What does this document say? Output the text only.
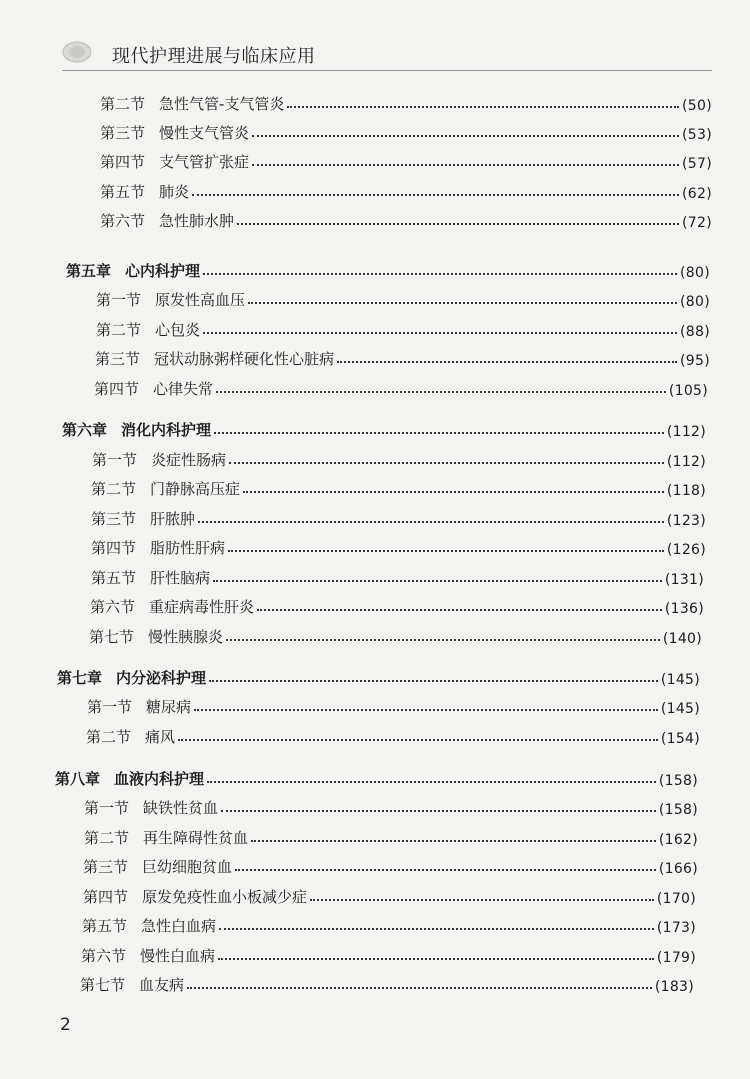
现代护理进展与临床应用
第二节 急性气管-支气管炎	(50)
第三节 慢性支气管炎	(53)
第四节 支气管扩张症	(57)
第五节 肺炎	(62)
第六节 急性肺水肿	(72)
第五章 心内科护理	(80)
第一节 原发性高血压	(80)
第二节 心包炎	(88)
第三节 冠状动脉粥样硬化性心脏病	(95)
第四节 心律失常	(105)
第六章 消化内科护理	(112)
第一节 炎症性肠病	(112)
第二节 门静脉高压症	(118)
第三节 肝脓肿	(123)
第四节 脂肪性肝病	(126)
第五节 肝性脑病	(131)
第六节 重症病毒性肝炎	(136)
第七节 慢性胰腺炎	(140)
第七章 内分泌科护理	(145)
第一节 糖尿病	(145)
第二节 痛风	(154)
第八章 血液内科护理	(158)
第一节 缺铁性贫血	(158)
第二节 再生障碍性贫血	(162)
第三节 巨幼细胞贫血	(166)
第四节 原发免疫性血小板减少症	(170)
第五节 急性白血病	(173)
第六节 慢性白血病	(179)
第七节 血友病	(183)
2
